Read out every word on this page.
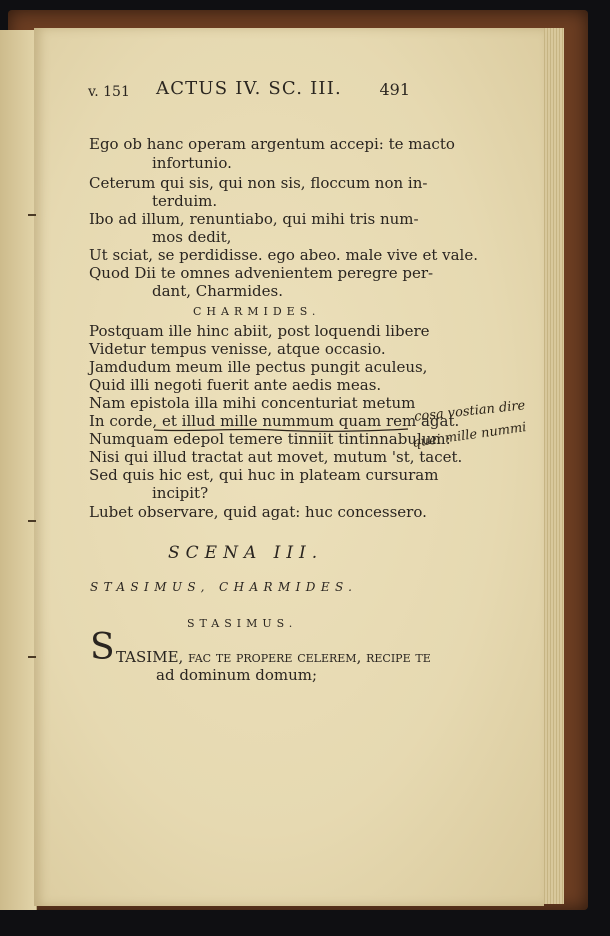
v. 151 ACTUS IV. SC. III. 491
Ego ob hanc operam argentum accepi: te macto
infortunio.
Ceterum qui sis, qui non sis, floccum non in-
terduim.
Ibo ad illum, renuntiabo, qui mihi tris num-
mos dedit,
Ut sciat, se perdidisse. ego abeo. male vive et vale.
Quod Dii te omnes advenientem peregre per-
dant, Charmides.
CHARMIDES.
Postquam ille hinc abiit, post loquendi libere
Videtur tempus venisse, atque occasio.
Jamdudum meum ille pectus pungit aculeus,
Quid illi negoti fuerit ante aedis meas.
Nam epistola illa mihi concenturiat metum
In corde, et illud mille nummum quam rem agat.
Numquam edepol temere tinniit tintinnabulum:
Nisi qui illud tractat aut movet, mutum 'st, tacet.
Sed quis hic est, qui huc in plateam cursuram
incipit?
Lubet observare, quid agat: huc concessero.
cosa vostian dire
quei mille nummi
SCENA III.
STASIMUS, CHARMIDES.
STASIMUS.
S TASIME, fac te propere celerem, recipe te
ad dominum domum;
